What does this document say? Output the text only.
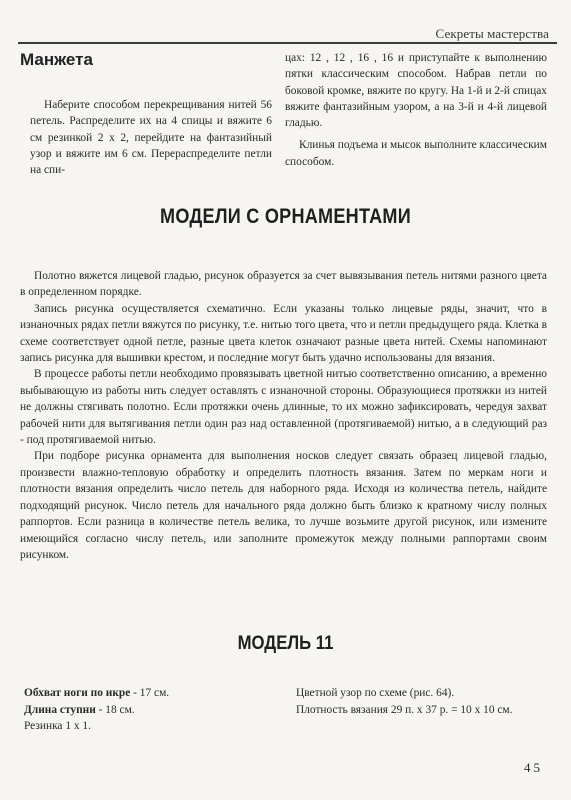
Секреты мастерства
Манжета

Наберите способом перекрещивания нитей 56 петель. Распределите их на 4 спицы и вяжите 6 см резинкой 2 х 2, перейдите на фантазийный узор и вяжите им 6 см. Перераспределите петли на спи-

цах: 12 , 12 , 16 , 16 и приступайте к выполнению пятки классическим способом. Набрав петли по боковой кромке, вяжите по кругу. На 1-й и 2-й спицах вяжите фантазийным узором, а на 3-й и 4-й лицевой гладью.

Клинья подъема и мысок выполните классическим способом.

МОДЕЛИ С ОРНАМЕНТАМИ

Полотно вяжется лицевой гладью, рисунок образуется за счет вывязывания петель нитями разного цвета в определенном порядке.

Запись рисунка осуществляется схематично. Если указаны только лицевые ряды, значит, что в изнаночных рядах петли вяжутся по рисунку, т.е. нитью того цвета, что и петли предыдущего ряда. Клетка в схеме соответствует одной петле, разные цвета клеток означают разные цвета нитей. Схемы напоминают запись рисунка для вышивки крестом, и последние могут быть удачно использованы для вязания.

В процессе работы петли необходимо провязывать цветной нитью соответственно описанию, а временно выбывающую из работы нить следует оставлять с изнаночной стороны. Образующиеся протяжки из нитей не должны стягивать полотно. Если протяжки очень длинные, то их можно зафиксировать, чередуя захват рабочей нити для вытягивания петли один раз над оставленной (протягиваемой) нитью, а в следующий раз - под протягиваемой нитью.

При подборе рисунка орнамента для выполнения носков следует связать образец лицевой гладью, произвести влажно-тепловую обработку и определить плотность вязания. Затем по меркам ноги и плотности вязания определить число петель для наборного ряда. Исходя из количества петель, найдите подходящий рисунок. Число петель для начального ряда должно быть близко к кратному числу полных раппортов. Если разница в количестве петель велика, то лучше возьмите другой рисунок, или измените имеющийся согласно числу петель, или заполните промежуток между полными раппортами своим рисунком.

МОДЕЛЬ 11
Обхват ноги по икре - 17 см.
Длина ступни - 18 см.
Резинка 1 х 1.

Цветной узор по схеме (рис. 64).

Плотность вязания 29 п. х 37 р. = 10 х 10 см.

45
